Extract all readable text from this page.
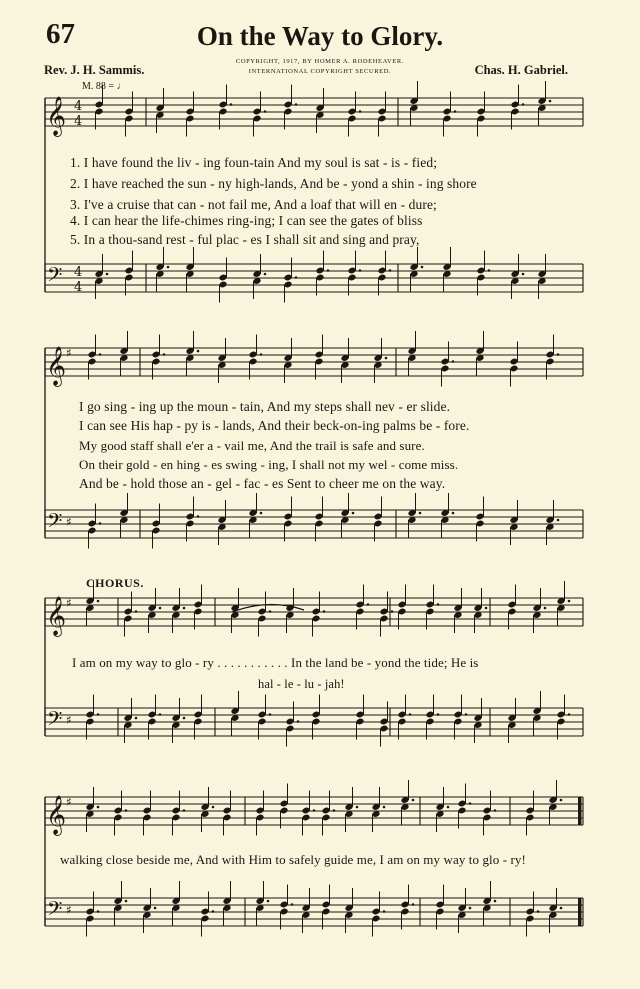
67	On the Way to Glory.
Rev. J. H. Sammis.
COPYRIGHT, 1917, BY HOMER A. RODEHEAVER.
INTERNATIONAL COPYRIGHT SECURED.	Chas. H. Gabriel.
M. 88 = ♩
𝄞 4
4
𝄢 4
4
𝄞 ♯
𝄢 ♯
𝄞 ♯
𝄢 ♯
𝄞 ♯
𝄢 ♯
1. I have found the liv - ing foun-tain And my soul is sat - is - fied;
2. I have reached the sun - ny high-lands, And be - yond a shin - ing shore
3. I've a cruise that can - not fail me, And a loaf that will en - dure;
4. I can hear the life-chimes ring-ing; I can see the gates of bliss
5. In a thou-sand rest - ful plac - es I shall sit and sing and pray,
I go sing - ing up the moun - tain, And my steps shall nev - er slide.
I can see His hap - py is - lands, And their beck-on-ing palms be - fore.
My good staff shall e'er a - vail me, And the trail is safe and sure.
On their gold - en hing - es swing - ing, I shall not my wel - come miss.
And be - hold those an - gel - fac - es Sent to cheer me on the way.
CHORUS.
I am on my way to glo - ry . . . . . . . . . . . In the land be - yond the tide; He is
hal - le - lu - jah!
walking close beside me, And with Him to safely guide me, I am on my way to glo - ry!
